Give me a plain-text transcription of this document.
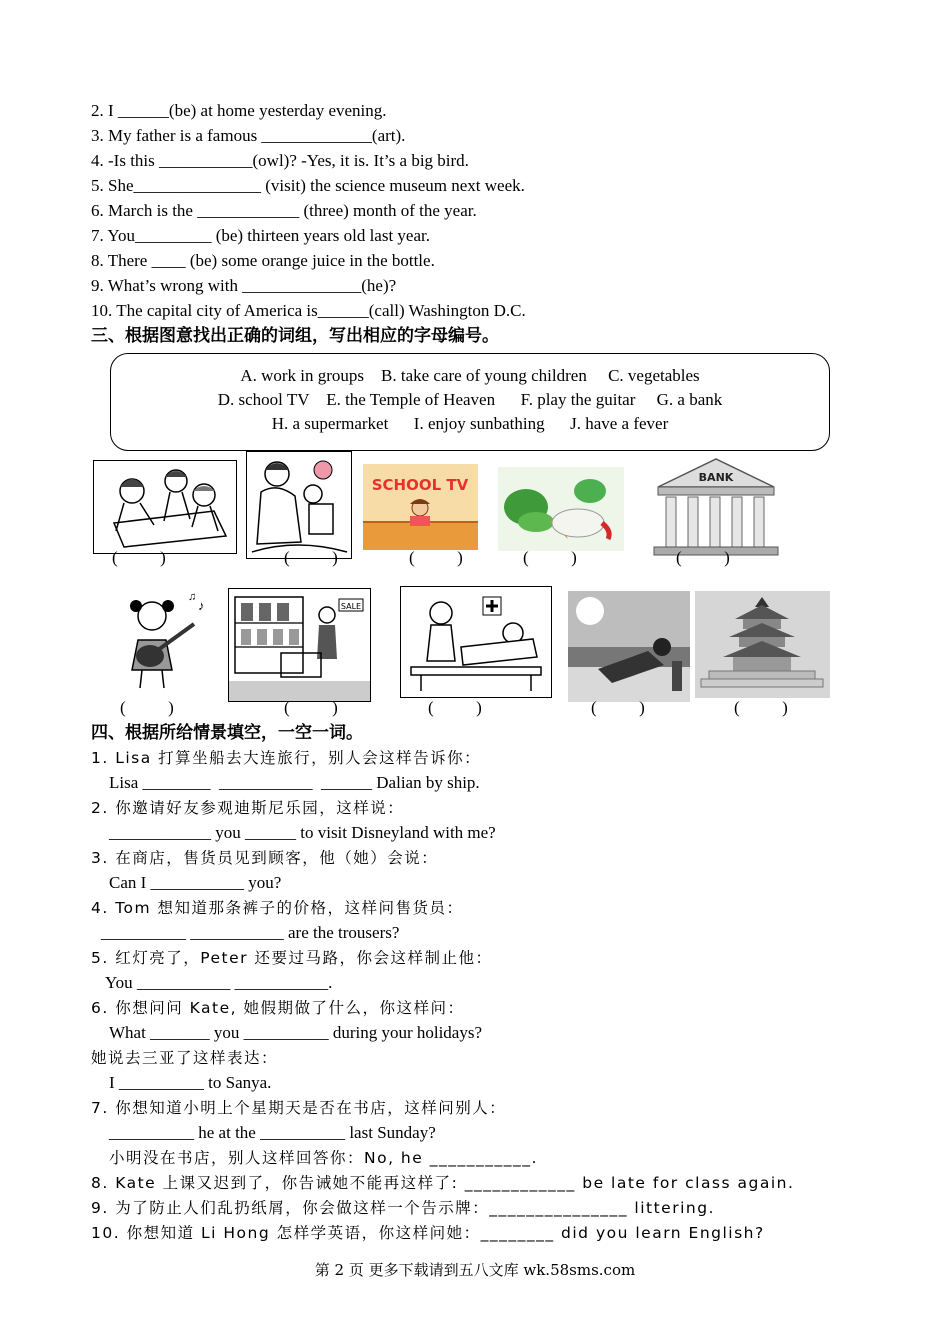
2. I ______(be) at home yesterday evening.
3. My father is a famous _____________(art).
4. -Is this ___________(owl)? -Yes, it is. It’s a big bird.
5. She_______________ (visit) the science museum next week.
6. March is the ____________ (three) month of the year.
7. You_________ (be) thirteen years old last year.
8. There ____ (be) some orange juice in the bottle.
9. What’s wrong with ______________(he)?
10. The capital city of America is______(call) Washington D.C.
三、根据图意找出正确的词组，写出相应的字母编号。
A. work in groups    B. take care of young children     C. vegetables
D. school TV    E. the Temple of Heaven      F. play the guitar     G. a bank
H. a supermarket      I. enjoy sunbathing      J. have a fever
SCHOOL TV	BANK
(          )	(          )	(          )	(          )	(          )
♪
♫
SALE
(          )	(          )	(          )	(          )	(          )
四、根据所给情景填空，一空一词。
1. Lisa 打算坐船去大连旅行，别人会这样告诉你：
Lisa ________  ___________  ______ Dalian by ship.
2. 你邀请好友参观迪斯尼乐园，这样说：
____________ you ______ to visit Disneyland with me?
3. 在商店，售货员见到顾客，他（她）会说：
Can I ___________ you?
4. Tom 想知道那条裤子的价格，这样问售货员：
__________ ___________ are the trousers?
5. 红灯亮了，Peter 还要过马路，你会这样制止他：
You ___________ ___________.
6. 你想问问 Kate, 她假期做了什么，你这样问：
What _______ you __________ during your holidays?
她说去三亚了这样表达：
I __________ to Sanya.
7. 你想知道小明上个星期天是否在书店，这样问别人：
__________ he at the __________ last Sunday?
小明没在书店，别人这样回答你：No, he ___________.
8. Kate 上课又迟到了，你告诫她不能再这样了: ____________ be late for class again.
9. 为了防止人们乱扔纸屑，你会做这样一个告示牌：_______________ littering.
10. 你想知道 Li Hong 怎样学英语，你这样问她：________ did you learn English?
第 2 页 更多下载请到五八文库 wk.58sms.com
